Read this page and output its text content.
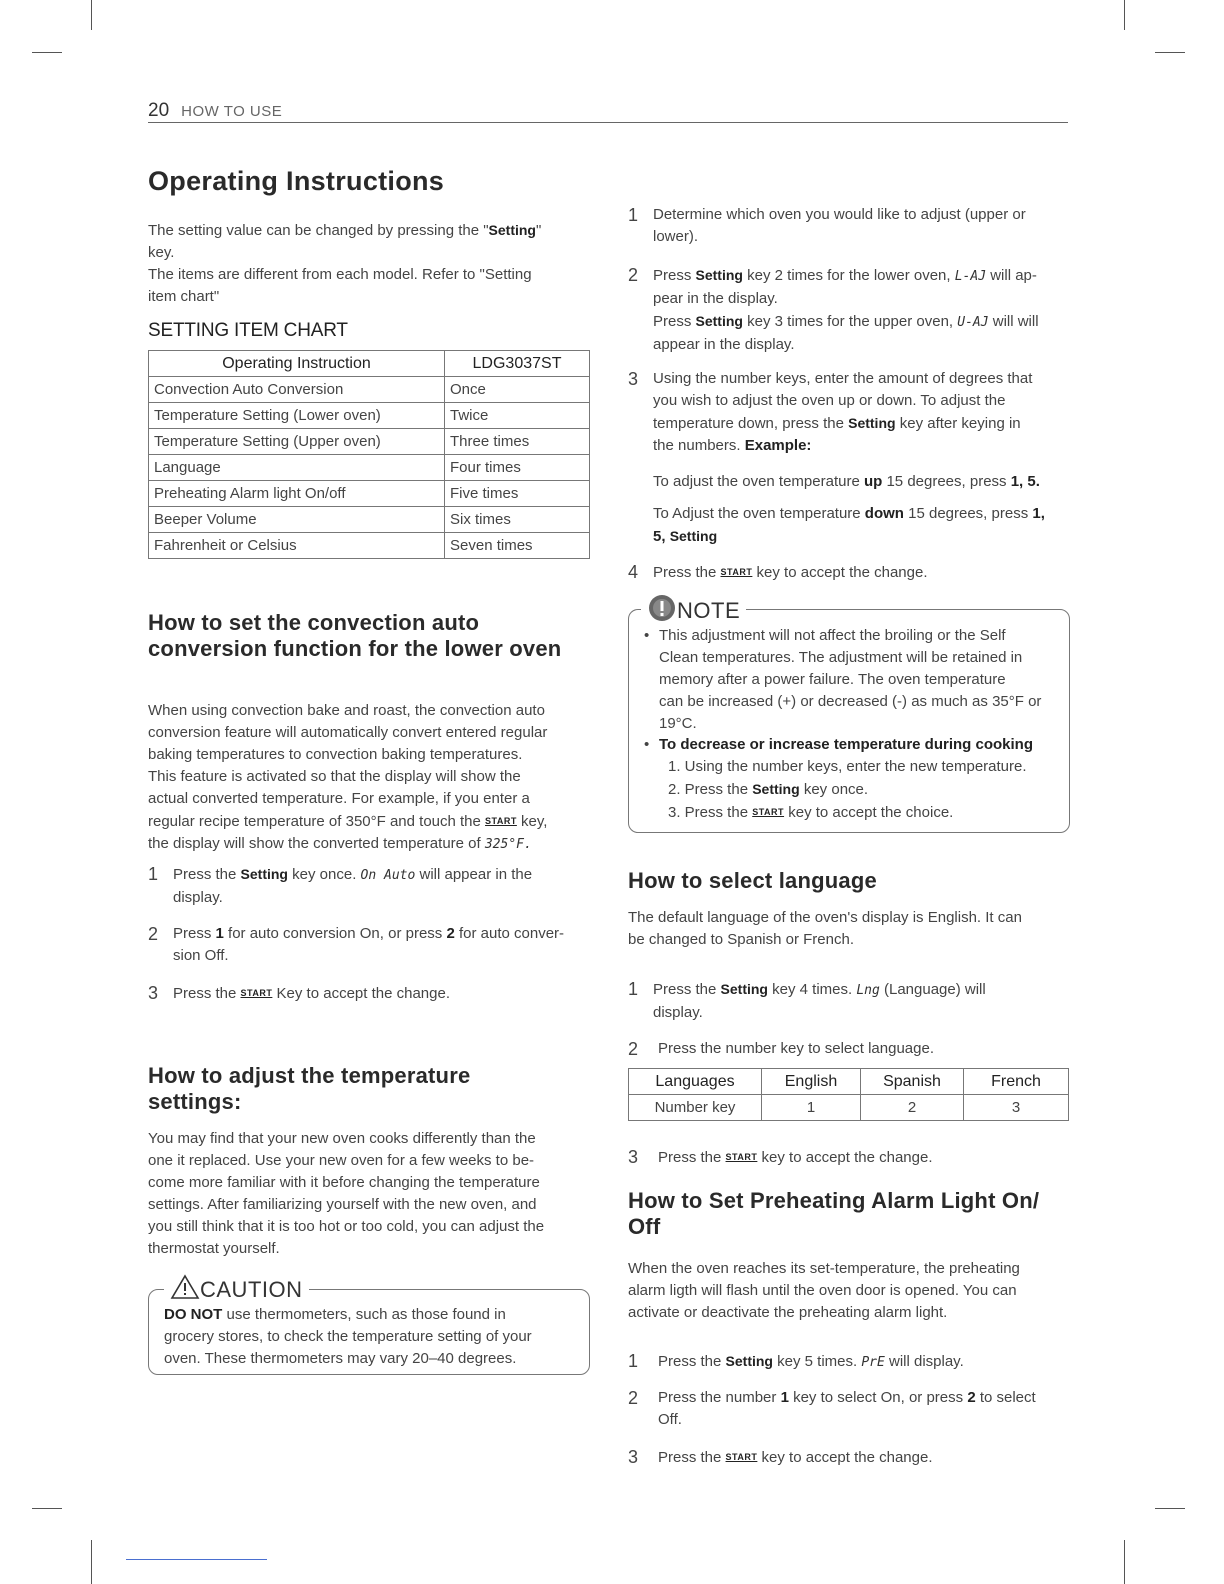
20 HOW TO USE
Operating Instructions

The setting value can be changed by pressing the "Setting"

key.

The items are different from each model. Refer to "Setting

item chart"

SETTING ITEM CHART
Operating Instruction	LDG3037ST
Convection Auto Conversion	Once
Temperature Setting (Lower oven)	Twice
Temperature Setting (Upper oven)	Three times
Language	Four times
Preheating Alarm light On/off	Five times
Beeper Volume	Six times
Fahrenheit or Celsius	Seven times
How to set the convection auto conversion function for the lower oven

When using convection bake and roast, the convection auto

conversion feature will automatically convert entered regular

baking temperatures to convection baking temperatures.

This feature is activated so that the display will show the

actual converted temperature. For example, if you enter a

regular recipe temperature of 350°F and touch the START key,

the display will show the converted temperature of 325°F.

1 Press the Setting key once. On Auto will appear in the
display.
2 Press 1 for auto conversion On, or press 2 for auto conver-
sion Off.
3 Press the START Key to accept the change.
How to adjust the temperature settings:

You may find that your new oven cooks differently than the

one it replaced. Use your new oven for a few weeks to be-

come more familiar with it before changing the temperature

settings. After familiarizing yourself with the new oven, and

you still think that it is too hot or too cold, you can adjust the

thermostat yourself.

CAUTION

DO NOT use thermometers, such as those found in

grocery stores, to check the temperature setting of your

oven. These thermometers may vary 20–40 degrees.

1 Determine which oven you would like to adjust (upper or
lower).
2 Press Setting key 2 times for the lower oven, L-AJ will ap-
pear in the display.
Press Setting key 3 times for the upper oven, U-AJ will will
appear in the display.
3 Using the number keys, enter the amount of degrees that
you wish to adjust the oven up or down. To adjust the
temperature down, press the Setting key after keying in
the numbers. Example:
To adjust the oven temperature up 15 degrees, press 1, 5.
To Adjust the oven temperature down 15 degrees, press 1,
5, Setting
4 Press the START key to accept the change.
NOTE
• This adjustment will not affect the broiling or the Self

Clean temperatures. The adjustment will be retained in

memory after a power failure. The oven temperature

can be increased (+) or decreased (-) as much as 35°F or

19°C.

• To decrease or increase temperature during cooking

1. Using the number keys, enter the new temperature.

2. Press the Setting key once.

3. Press the START key to accept the choice.

How to select language

The default language of the oven's display is English. It can

be changed to Spanish or French.

1 Press the Setting key 4 times. Lng (Language) will
display.
2 Press the number key to select language.
Languages	English	Spanish	French
Number key	1	2	3
3 Press the START key to accept the change.
How to Set Preheating Alarm Light On/ Off

When the oven reaches its set-temperature, the preheating

alarm ligth will flash until the oven door is opened. You can

activate or deactivate the preheating alarm light.

1 Press the Setting key 5 times. PrE will display.
2 Press the number 1 key to select On, or press 2 to select
Off.
3 Press the START key to accept the change.
